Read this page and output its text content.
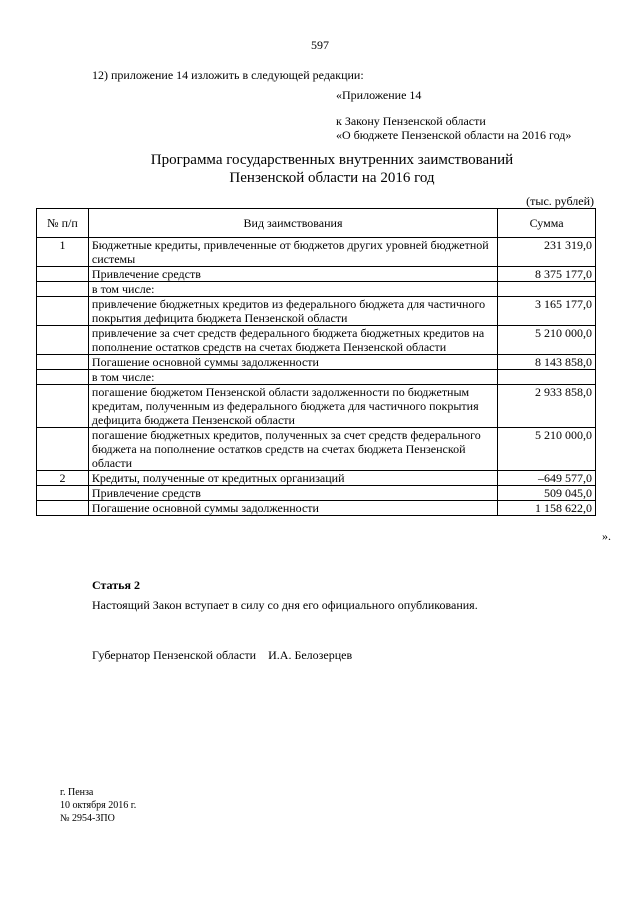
597
12) приложение 14 изложить в следующей редакции:
«Приложение 14
к Закону Пензенской области
«О бюджете Пензенской области на 2016 год»
Программа государственных внутренних заимствований
Пензенской области на 2016 год
(тыс. рублей)
№ п/п	Вид заимствования	Сумма
1	Бюджетные кредиты, привлеченные от бюджетов других уровней бюджетной системы	231 319,0
	Привлечение средств	8 375 177,0
	в том числе:	
	привлечение бюджетных кредитов из федерального бюджета для частичного покрытия дефицита бюджета Пензенской области	3 165 177,0
	привлечение за счет средств федерального бюджета бюджетных кредитов на пополнение остатков средств на счетах бюджета Пензенской области	5 210 000,0
	Погашение основной суммы задолженности	8 143 858,0
	в том числе:	
	погашение бюджетом Пензенской области задолженности по бюджетным кредитам, полученным из федерального бюджета для частичного покрытия дефицита бюджета Пензенской области	2 933 858,0
	погашение бюджетных кредитов, полученных за счет средств федерального бюджета на пополнение остатков средств на счетах бюджета Пензенской области	5 210 000,0
2	Кредиты, полученные от кредитных организаций	–649 577,0
	Привлечение средств	509 045,0
	Погашение основной суммы задолженности	1 158 622,0
».
Статья 2
Настоящий Закон вступает в силу со дня его официального опубликования.
Губернатор Пензенской области И.А. Белозерцев
г. Пенза
10 октября 2016 г.
№ 2954-ЗПО
